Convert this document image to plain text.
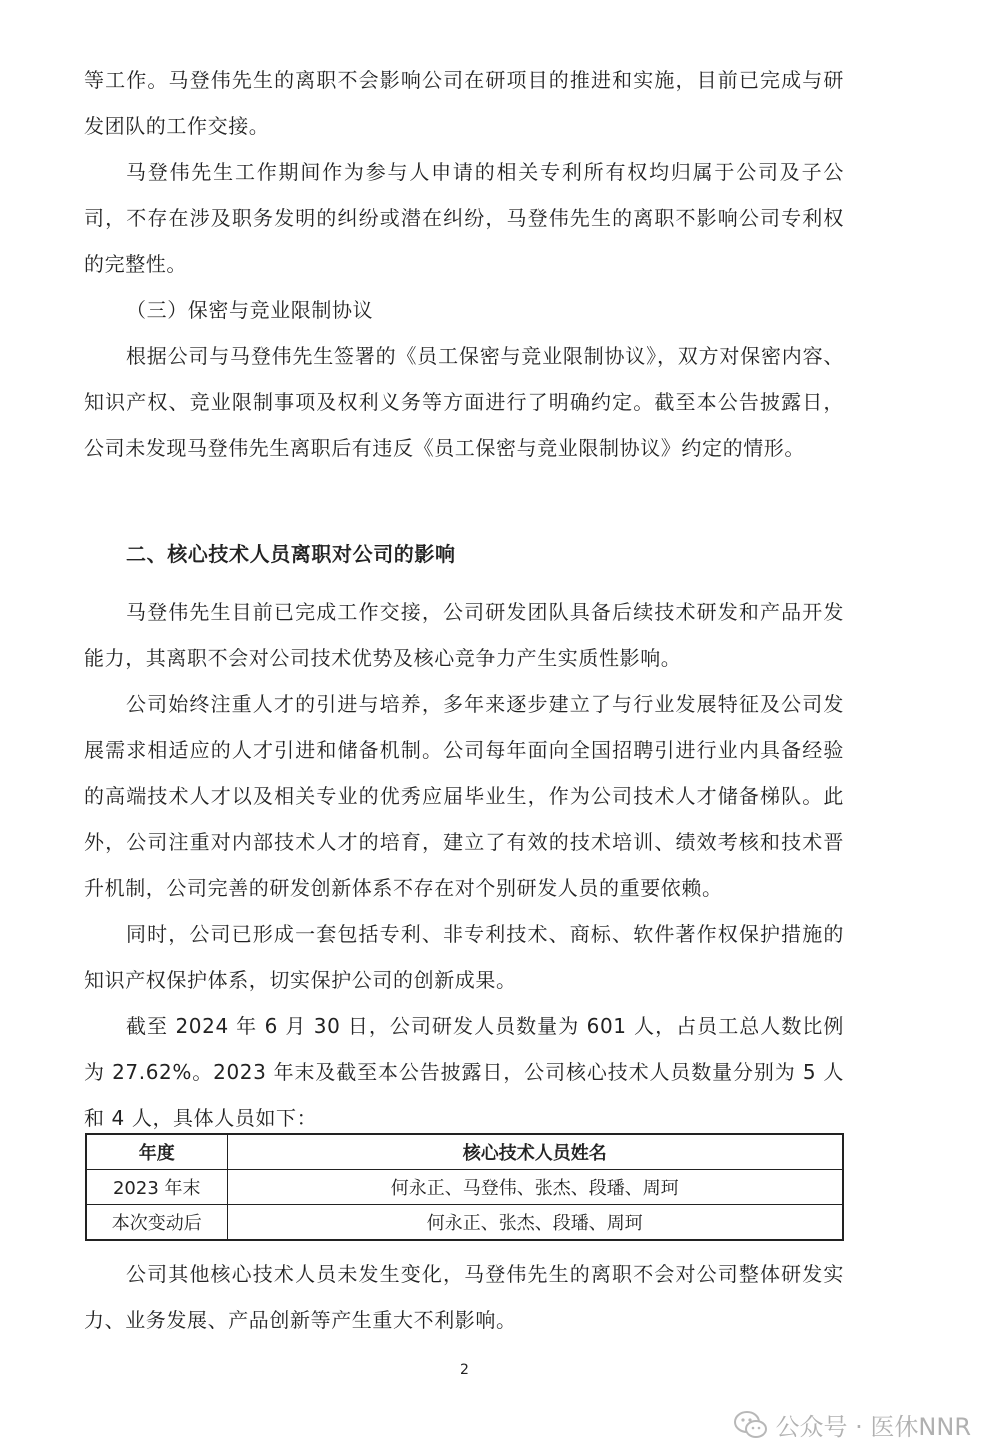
等工作。马登伟先生的离职不会影响公司在研项目的推进和实施，目前已完成与研发团队的工作交接。

马登伟先生工作期间作为参与人申请的相关专利所有权均归属于公司及子公司，不存在涉及职务发明的纠纷或潜在纠纷，马登伟先生的离职不影响公司专利权的完整性。

（三）保密与竞业限制协议

根据公司与马登伟先生签署的《员工保密与竞业限制协议》，双方对保密内容、知识产权、竞业限制事项及权利义务等方面进行了明确约定。截至本公告披露日，公司未发现马登伟先生离职后有违反《员工保密与竞业限制协议》约定的情形。

二、核心技术人员离职对公司的影响

马登伟先生目前已完成工作交接，公司研发团队具备后续技术研发和产品开发能力，其离职不会对公司技术优势及核心竞争力产生实质性影响。

公司始终注重人才的引进与培养，多年来逐步建立了与行业发展特征及公司发展需求相适应的人才引进和储备机制。公司每年面向全国招聘引进行业内具备经验的高端技术人才以及相关专业的优秀应届毕业生，作为公司技术人才储备梯队。此外，公司注重对内部技术人才的培育，建立了有效的技术培训、绩效考核和技术晋升机制，公司完善的研发创新体系不存在对个别研发人员的重要依赖。

同时，公司已形成一套包括专利、非专利技术、商标、软件著作权保护措施的知识产权保护体系，切实保护公司的创新成果。

截至 2024 年 6 月 30 日，公司研发人员数量为 601 人，占员工总人数比例为 27.62%。2023 年末及截至本公告披露日，公司核心技术人员数量分别为 5 人和 4 人，具体人员如下：

年度	核心技术人员姓名
2023 年末	何永正、马登伟、张杰、段璠、周珂
本次变动后	何永正、张杰、段璠、周珂

公司其他核心技术人员未发生变化，马登伟先生的离职不会对公司整体研发实力、业务发展、产品创新等产生重大不利影响。

2
公众号 · 医休NNR
